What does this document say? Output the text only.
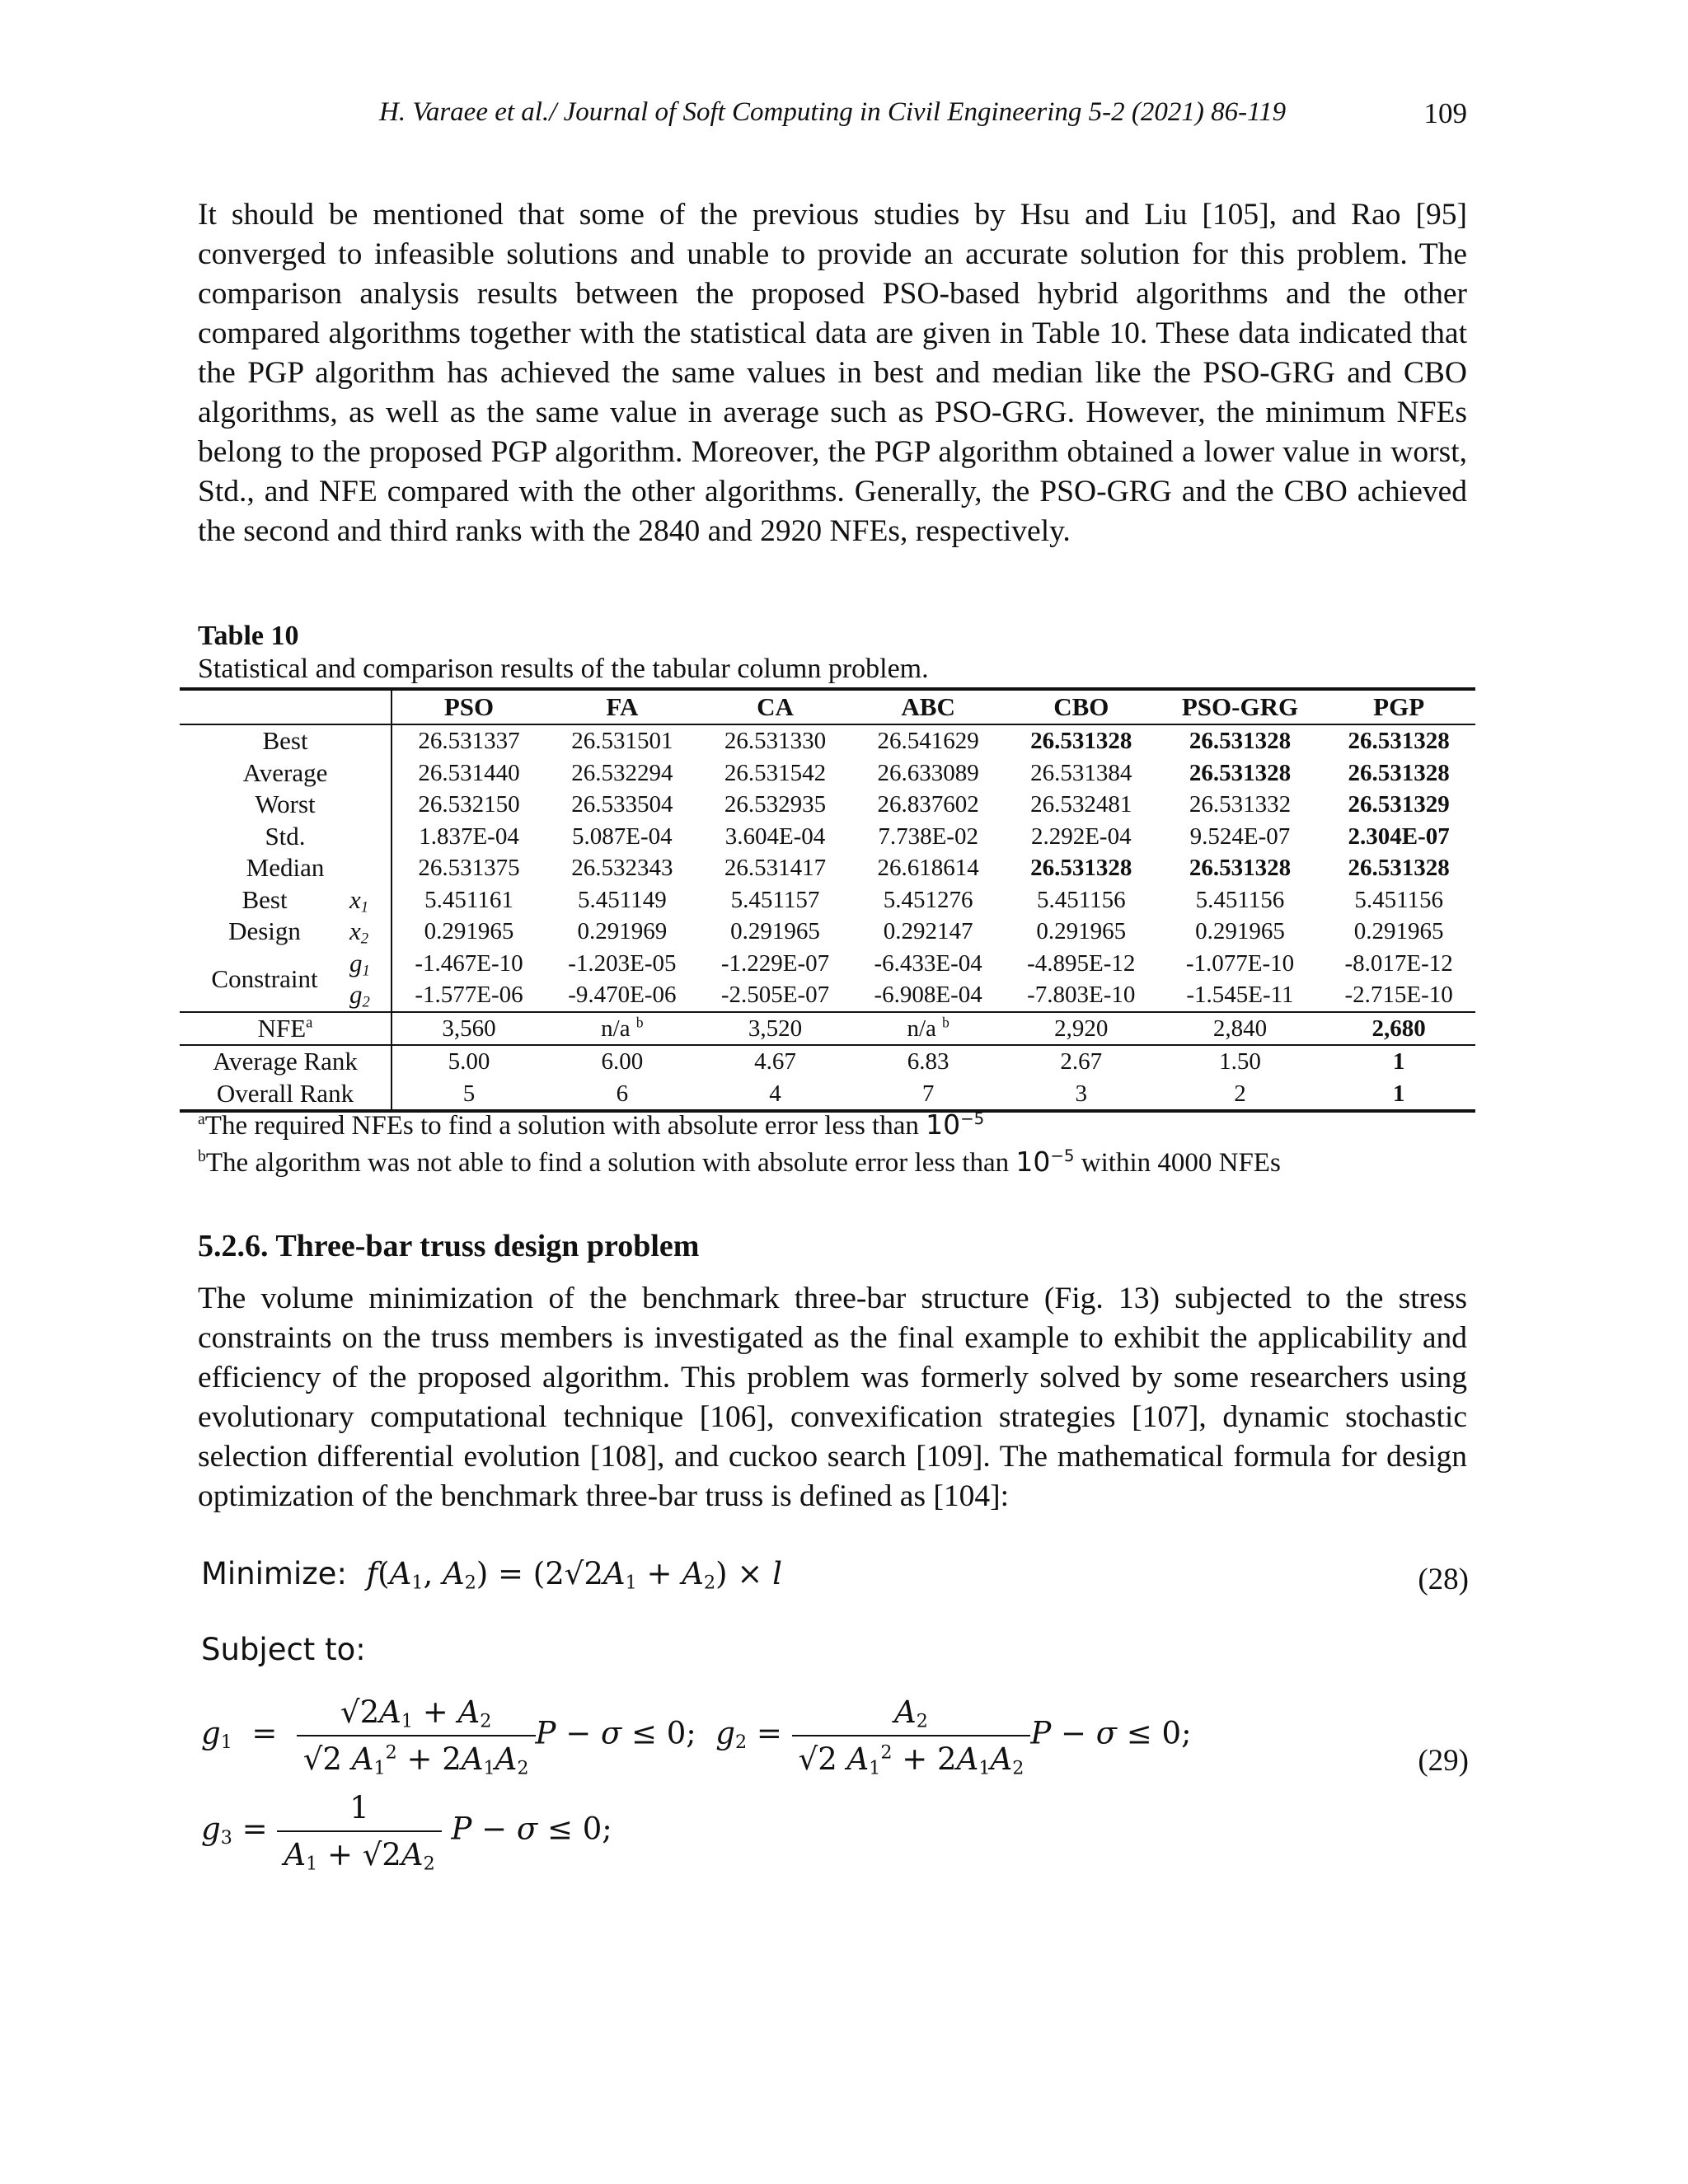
H. Varaee et al./ Journal of Soft Computing in Civil Engineering 5-2 (2021) 86-119	109

It should be mentioned that some of the previous studies by Hsu and Liu [105], and Rao [95] converged to infeasible solutions and unable to provide an accurate solution for this problem. The comparison analysis results between the proposed PSO-based hybrid algorithms and the other compared algorithms together with the statistical data are given in Table 10. These data indicated that the PGP algorithm has achieved the same values in best and median like the PSO-GRG and CBO algorithms, as well as the same value in average such as PSO-GRG. However, the minimum NFEs belong to the proposed PGP algorithm. Moreover, the PGP algorithm obtained a lower value in worst, Std., and NFE compared with the other algorithms. Generally, the PSO-GRG and the CBO achieved the second and third ranks with the 2840 and 2920 NFEs, respectively.

Table 10
Statistical and comparison results of the tabular column problem.
		PSO	FA	CA	ABC	CBO	PSO-GRG	PGP
Best		26.531337	26.531501	26.531330	26.541629	26.531328	26.531328	26.531328
Average		26.531440	26.532294	26.531542	26.633089	26.531384	26.531328	26.531328
Worst		26.532150	26.533504	26.532935	26.837602	26.532481	26.531332	26.531329
Std.		1.837E-04	5.087E-04	3.604E-04	7.738E-02	2.292E-04	9.524E-07	2.304E-07
Median		26.531375	26.532343	26.531417	26.618614	26.531328	26.531328	26.531328
Best	$x_1$	5.451161	5.451149	5.451157	5.451276	5.451156	5.451156	5.451156
Design	$x_2$	0.291965	0.291969	0.291965	0.292147	0.291965	0.291965	0.291965
Constraint	$g_1$	-1.467E-10	-1.203E-05	-1.229E-07	-6.433E-04	-4.895E-12	-1.077E-10	-8.017E-12
	$g_2$	-1.577E-06	-9.470E-06	-2.505E-07	-6.908E-04	-7.803E-10	-1.545E-11	-2.715E-10
NFE$^a$		3,560	n/a $^b$	3,520	n/a $^b$	2,920	2,840	2,680
Average Rank		5.00	6.00	4.67	6.83	2.67	1.50	1
Overall Rank		5	6	4	7	3	2	1
$^a$The required NFEs to find a solution with absolute error less than $10^{-5}$
$^b$The algorithm was not able to find a solution with absolute error less than $10^{-5}$ within 4000 NFEs
5.2.6. Three-bar truss design problem

The volume minimization of the benchmark three-bar structure (Fig. 13) subjected to the stress constraints on the truss members is investigated as the final example to exhibit the applicability and efficiency of the proposed algorithm. This problem was formerly solved by some researchers using evolutionary computational technique [106], convexification strategies [107], dynamic stochastic selection differential evolution [108], and cuckoo search [109]. The mathematical formula for design optimization of the benchmark three-bar truss is defined as [104]:

Minimize: $f(A_1$, $A_2) = (2√2A_1 + A_2) \times l$	(28)
Subject to:
$g_1 = \frac{√2A_1 + A_2}{√2 A_1^2 + 2A_1A_2}$ P − σ ≤ 0;  $g_2 = \frac{A_2}{√2 A_1^2 + 2A_1A_2}$ P − σ ≤ 0;
(29)
$g_3 = \frac{1}{A_1 + √2A_2}$ P − σ ≤ 0;
